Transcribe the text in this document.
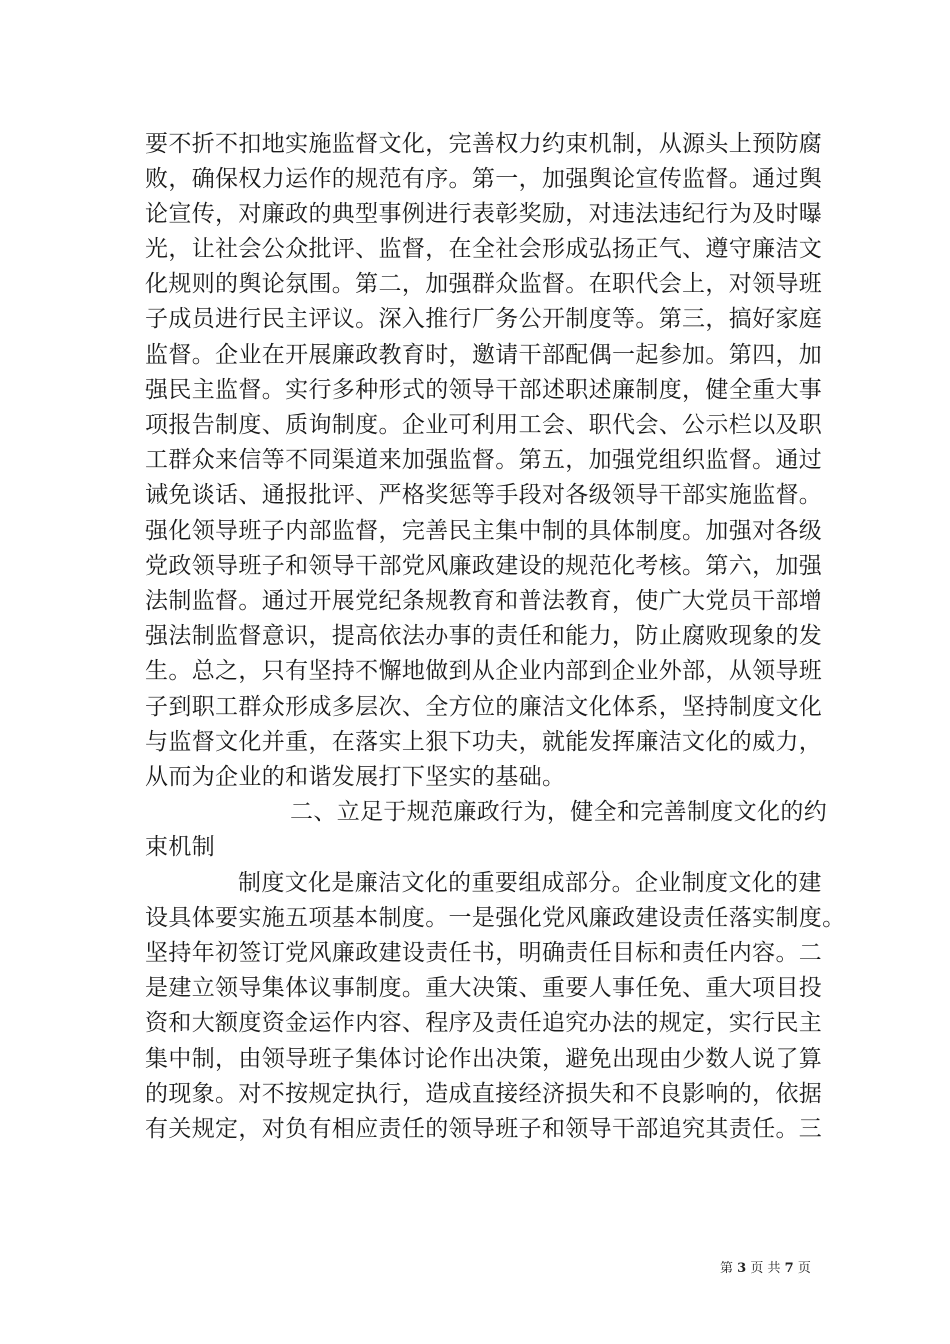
要不折不扣地实施监督文化，完善权力约束机制，从源头上预防腐
败，确保权力运作的规范有序。第一，加强舆论宣传监督。通过舆
论宣传，对廉政的典型事例进行表彰奖励，对违法违纪行为及时曝
光，让社会公众批评、监督，在全社会形成弘扬正气、遵守廉洁文
化规则的舆论氛围。第二，加强群众监督。在职代会上，对领导班
子成员进行民主评议。深入推行厂务公开制度等。第三，搞好家庭
监督。企业在开展廉政教育时，邀请干部配偶一起参加。第四，加
强民主监督。实行多种形式的领导干部述职述廉制度，健全重大事
项报告制度、质询制度。企业可利用工会、职代会、公示栏以及职
工群众来信等不同渠道来加强监督。第五，加强党组织监督。通过
诫免谈话、通报批评、严格奖惩等手段对各级领导干部实施监督。
强化领导班子内部监督，完善民主集中制的具体制度。加强对各级
党政领导班子和领导干部党风廉政建设的规范化考核。第六，加强
法制监督。通过开展党纪条规教育和普法教育，使广大党员干部增
强法制监督意识，提高依法办事的责任和能力，防止腐败现象的发
生。总之，只有坚持不懈地做到从企业内部到企业外部，从领导班
子到职工群众形成多层次、全方位的廉洁文化体系，坚持制度文化
与监督文化并重，在落实上狠下功夫，就能发挥廉洁文化的威力，
从而为企业的和谐发展打下坚实的基础。
二、立足于规范廉政行为，健全和完善制度文化的约
束机制
制度文化是廉洁文化的重要组成部分。企业制度文化的建
设具体要实施五项基本制度。一是强化党风廉政建设责任落实制度。
坚持年初签订党风廉政建设责任书，明确责任目标和责任内容。二
是建立领导集体议事制度。重大决策、重要人事任免、重大项目投
资和大额度资金运作内容、程序及责任追究办法的规定，实行民主
集中制，由领导班子集体讨论作出决策，避免出现由少数人说了算
的现象。对不按规定执行，造成直接经济损失和不良影响的，依据
有关规定，对负有相应责任的领导班子和领导干部追究其责任。三
第 3 页 共 7 页
